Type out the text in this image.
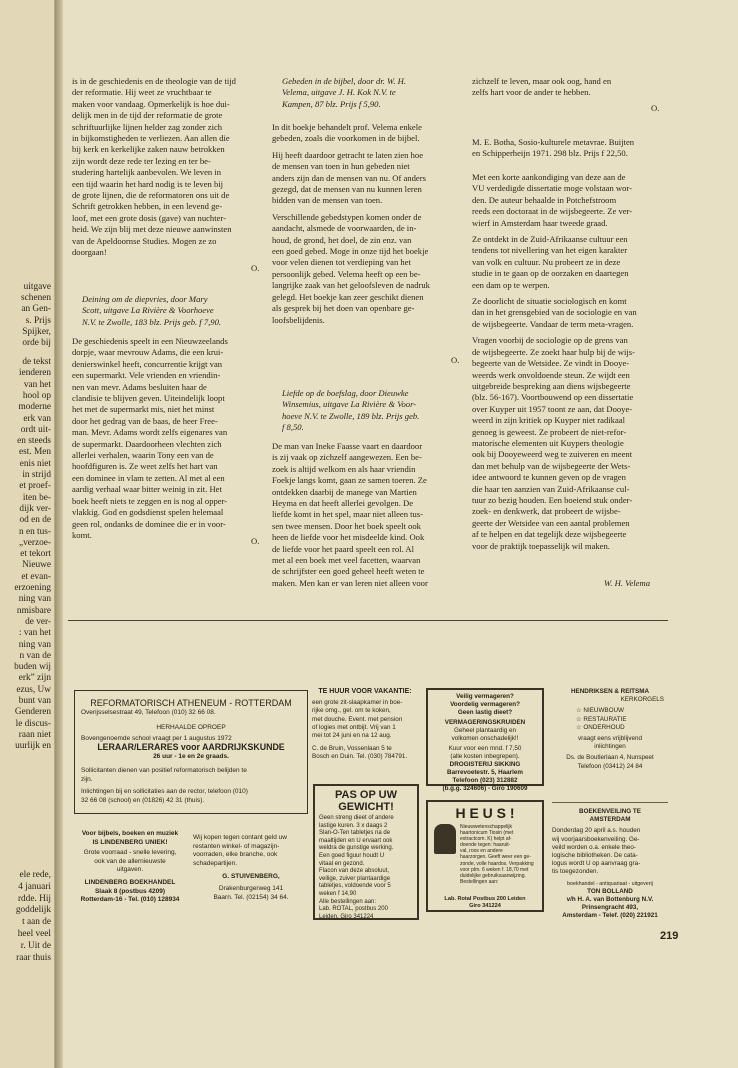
uitgave
schenen
an Gen-
s. Prijs
Spijker,
orde bij
de tekst
ienderen
van het
hool op
moderne
erk van
ordt uit-
en steeds
est. Men
enis niet
in strijd
et proef-
iten be-
dijk ver-
od en de
n en tus-
„verzoe-
et tekort
Nieuwe
et evan-
erzoening
ning van
nmisbare
de ver-
: van het
ning van
n van de
buden wij
erk” zijn
ezus, Uw
bunt van
Genderen
le discus-
raan niet
uurlijk en
ele rede,
4 januari
rdde. Hij
goddelijk
t aan de
heel veel
r. Uit de
raar thuis
is in de geschiedenis en de theologie van de tijd
der reformatie. Hij weet ze vruchtbaar te
maken voor vandaag. Opmerkelijk is hoe dui-
delijk men in de tijd der reformatie de grote
schriftuurlijke lijnen helder zag zonder zich
in bijkomstigheden te verliezen. Aan allen die
bij kerk en kerkelijke zaken nauw betrokken
zijn wordt deze rede ter lezing en ter be-
studering hartelijk aanbevolen. We leven in
een tijd waarin het hard nodig is te leven bij
de grote lijnen, die de reformatoren ons uit de
Schrift getrokken hebben, in een levend ge-
loof, met een grote dosis (gave) van nuchter-
heid. We zijn blij met deze nieuwe aanwinsten
van de Apeldoornse Studies. Mogen ze zo
doorgaan!
O.
Deining om de diepvries, door Mary
Scott, uitgave La Rivière & Voorhoeve
N.V. te Zwolle, 183 blz. Prijs geb. f 7,90.
De geschiedenis speelt in een Nieuwzeelands
dorpje, waar mevrouw Adams, die een krui-
denierswinkel heeft, concurrentie krijgt van
een supermarkt. Vele vrienden en vriendin-
nen van mevr. Adams besluiten haar de
clandisie te blijven geven. Uiteindelijk loopt
het met de supermarkt mis, niet het minst
door het gedrag van de baas, de heer Free-
man. Mevr. Adams wordt zelfs eigenares van
de supermarkt. Daardoorheen vlechten zich
allerlei verhalen, waarin Tony een van de
hoofdfiguren is. Ze weet zelfs het hart van
een dominee in vlam te zetten. Al met al een
aardig verhaal waar bitter weinig in zit. Het
boek heeft niets te zeggen en is nog al opper-
vlakkig. God en godsdienst spelen helemaal
geen rol, ondanks de dominee die er in voor-
komt.
O.
Gebeden in de bijbel, door dr. W. H.
Velema, uitgave J. H. Kok N.V. te
Kampen, 87 blz. Prijs f 5,90.
In dit boekje behandelt prof. Velema enkele
gebeden, zoals die voorkomen in de bijbel.

Hij heeft daardoor getracht te laten zien hoe
de mensen van toen in hun gebeden niet
anders zijn dan de mensen van nu. Of anders
gezegd, dat de mensen van nu kunnen leren
bidden van de mensen van toen.

Verschillende gebedstypen komen onder de
aandacht, alsmede de voorwaarden, de in-
houd, de grond, het doel, de zin enz. van
een goed gebed. Moge in onze tijd het boekje
voor velen dienen tot verdieping van het
persoonlijk gebed. Velema heeft op een be-
langrijke zaak van het geloofsleven de nadruk
gelegd. Het boekje kan zeer geschikt dienen
als gesprek bij het doen van openbare ge-
loofsbelijdenis.
O.
Liefde op de boefslag, door Dieuwke
Winsemius, uitgave La Rivière & Voor-
hoeve N.V. te Zwolle, 189 blz. Prijs geb.
f 8,50.
De man van Ineke Faasse vaart en daardoor
is zij vaak op zichzelf aangewezen. Een be-
zoek is altijd welkom en als haar vriendin
Foekje langs komt, gaan ze samen toeren. Ze
ontdekken daarbij de manege van Martien
Heyma en dat heeft allerlei gevolgen. De
liefde komt in het spel, maar niet alleen tus-
sen twee mensen. Door het boek speelt ook
heen de liefde voor het misdeelde kind. Ook
de liefde voor het paard speelt een rol. Al
met al een boek met veel facetten, waarvan
de schrijfster een goed geheel heeft weten te
maken. Men kan er van leren niet alleen voor
zichzelf te leven, maar ook oog, hand en
zelfs hart voor de ander te hebben.
O.
M. E. Botha, Sosio-kulturele metavrae. Buijten
en Schipperheijn 1971. 298 blz. Prijs f 22,50.
Met een korte aankondiging van deze aan de
VU verdedigde dissertatie moge volstaan wor-
den. De auteur behaalde in Potchefstroom
reeds een doctoraat in de wijsbegeerte. Ze ver-
wierf in Amsterdam haar tweede graad.

Ze ontdekt in de Zuid-Afrikaanse cultuur een
tendens tot nivellering van het eigen karakter
van volk en cultuur. Nu probeert ze in deze
studie in te gaan op de oorzaken en daartegen
een dam op te werpen.

Ze doorlicht de situatie sociologisch en komt
dan in het grensgebied van de sociologie en van
de wijsbegeerte. Vandaar de term meta-vragen.

Vragen voorbij de sociologie op de grens van
de wijsbegeerte. Ze zoekt haar hulp bij de wijs-
begeerte van de Wetsidee. Ze vindt in Dooye-
weerds werk onvoldoende steun. Ze wijdt een
uitgebreide bespreking aan diens wijsbegeerte
(blz. 56-167). Voortbouwend op een dissertatie
over Kuyper uit 1957 toont ze aan, dat Dooye-
weerd in zijn kritiek op Kuyper niet radikaal
genoeg is geweest. Ze probeert de niet-refor-
matorische elementen uit Kuypers theologie
ook bij Dooyeweerd weg te zuiveren en meent
dan met behulp van de wijsbegeerte der Wets-
idee antwoord te kunnen geven op de vragen
die haar ten aanzien van Zuid-Afrikaanse cul-
tuur zo bezig houden. Een boeiend stuk onder-
zoek- en denkwerk, dat probeert de wijsbe-
geerte der Wetsidee van een aantal problemen
af te helpen en dat tegelijk deze wijsbegeerte
voor de praktijk toepasselijk wil maken.
W. H. Velema
REFORMATORISCH ATHENEUM - ROTTERDAM
Overijsselsestraat 49, Telefoon (010) 32 66 08.
HERHAALDE OPROEP
Bovengenoemde school vraagt per 1 augustus 1972
LERAAR/LERARES voor AARDRIJKSKUNDE
26 uur - 1e en 2e graads.
Sollicitanten dienen van positief reformatorisch belijden te
zijn.
Inlichtingen bij en sollicitaties aan de rector, telefoon (010)
32 66 08 (school) en (01826) 42 31 (thuis).
Voor bijbels, boeken en muziek
IS LINDENBERG UNIEK!
Grote voorraad - snelle levering,
ook van de allernieuwste
uitgaven.
LINDENBERG BOEKHANDEL
Slaak 8 (postbus 4209)
Rotterdam-16 - Tel. (010) 128934
Wij kopen tegen contant geld uw
restanten winkel- of magazijn-
voorraden, elke branche, ook
schadepartijen.
G. STUIVENBERG,
Drakenburgerweg 141
Baarn. Tel. (02154) 34 64.
TE HUUR VOOR VAKANTIE:
een grote zit-slaapkamer in boe-
rijke omg., gel. om te koken,
met douche. Event. met pension
of logies met ontbijt. Vrij van 1
mei tot 24 juni en na 12 aug.

C. de Bruin, Vossenlaan 5 te
Bosch en Duin. Tel. (030) 784791.
PAS OP UW
GEWICHT!
Geen streng dieet of andere
lastige kuren. 3 x daags 2
Slan-O-Ten tabletjes na de
maaltijden en U ervaart ook
weldra de gunstige werking.
Een goed figuur houdt U
vitaal en gezond.
Flacon van deze absoluut,
veilige, zuiver plantaardige
tabletjes, voldoende voor 5
weken f 14,90
Alle bestellingen aan:
Lab. ROTAL, postbus 200
Leiden, Giro 341224
Veilig vermageren?
Voordelig vermageren?
Geen lastig dieet?
VERMAGERINGSKRUIDEN
Geheel plantaardig en
volkomen onschadelijk!!
Kuur voor een mnd. f 7,50
(alle kosten inbegrepen).
DROGISTERIJ SIKKING
Barrevoetestr. 5, Haarlem
Telefoon (023) 312882
(b.g.g. 324606) - Giro 190609
H E U S !
Nieuwwetenschappelijk
haartonicum Tiosin (met
extractcom. K) helpt af-
doende tegen: haaruit-
val, roos en andere
haarzorgen. Geeft weer een ge-
zonde, volle haardos. Verpakking
voor plm. 6 weken f. 18,70 met
duidelijke gebruiksaanwijzing.
Bestellingen aan:
Lab. Rotal Postbus 200 Leiden
Giro 341224
HENDRIKSEN & REITSMA
KERKORGELS
☆ NIEUWBOUW
☆ RESTAURATIE
☆ ONDERHOUD
vraagt eens vrijblijvend
inlichtingen
Ds. de Boutlerlaan 4, Nunspeet
Telefoon (03412) 24 84
BOEKENVEILING TE
AMSTERDAM
Donderdag 20 april a.s. houden
wij voorjaarsboekenveiling. Ge-
veild worden o.a. enkele theo-
logische bibliotheken. De cata-
logus wordt U op aanvraag gra-
tis toegezonden.
boekhandel - antiquariaat - uitgeverij
TON BOLLAND
v/h H. A. van Bottenburg N.V.
Prinsengracht 493,
Amsterdam - Telef. (020) 221921
219
